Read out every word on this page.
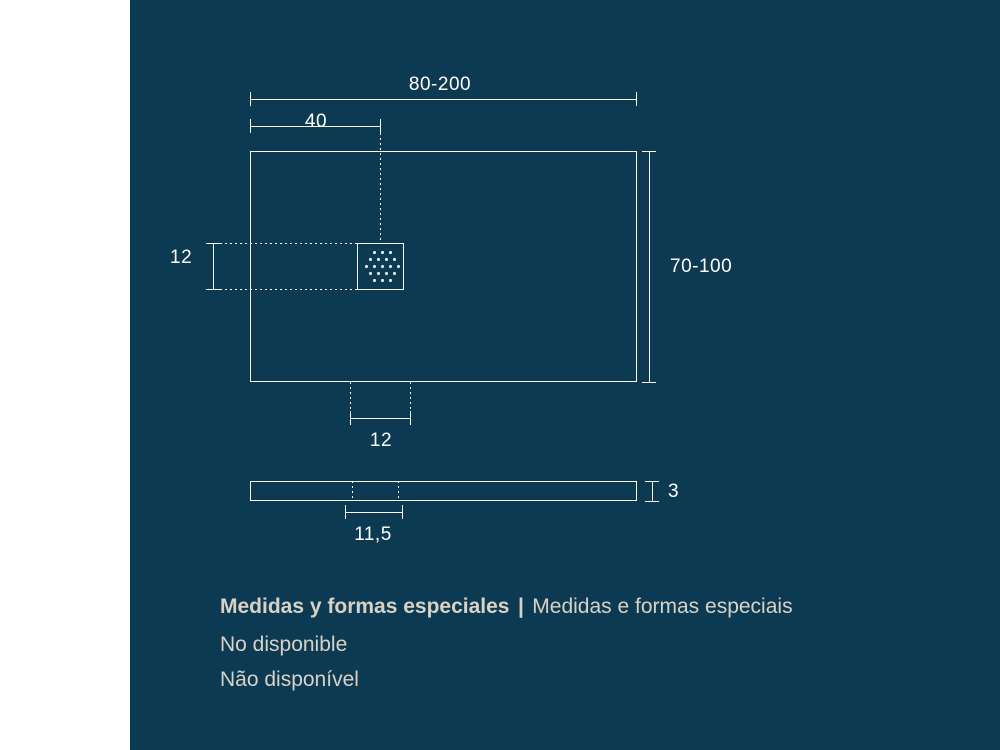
80-200
40
12	70-100
12
3
11,5
Medidas y formas especiales | Medidas e formas especiais
No disponible
Não disponível
